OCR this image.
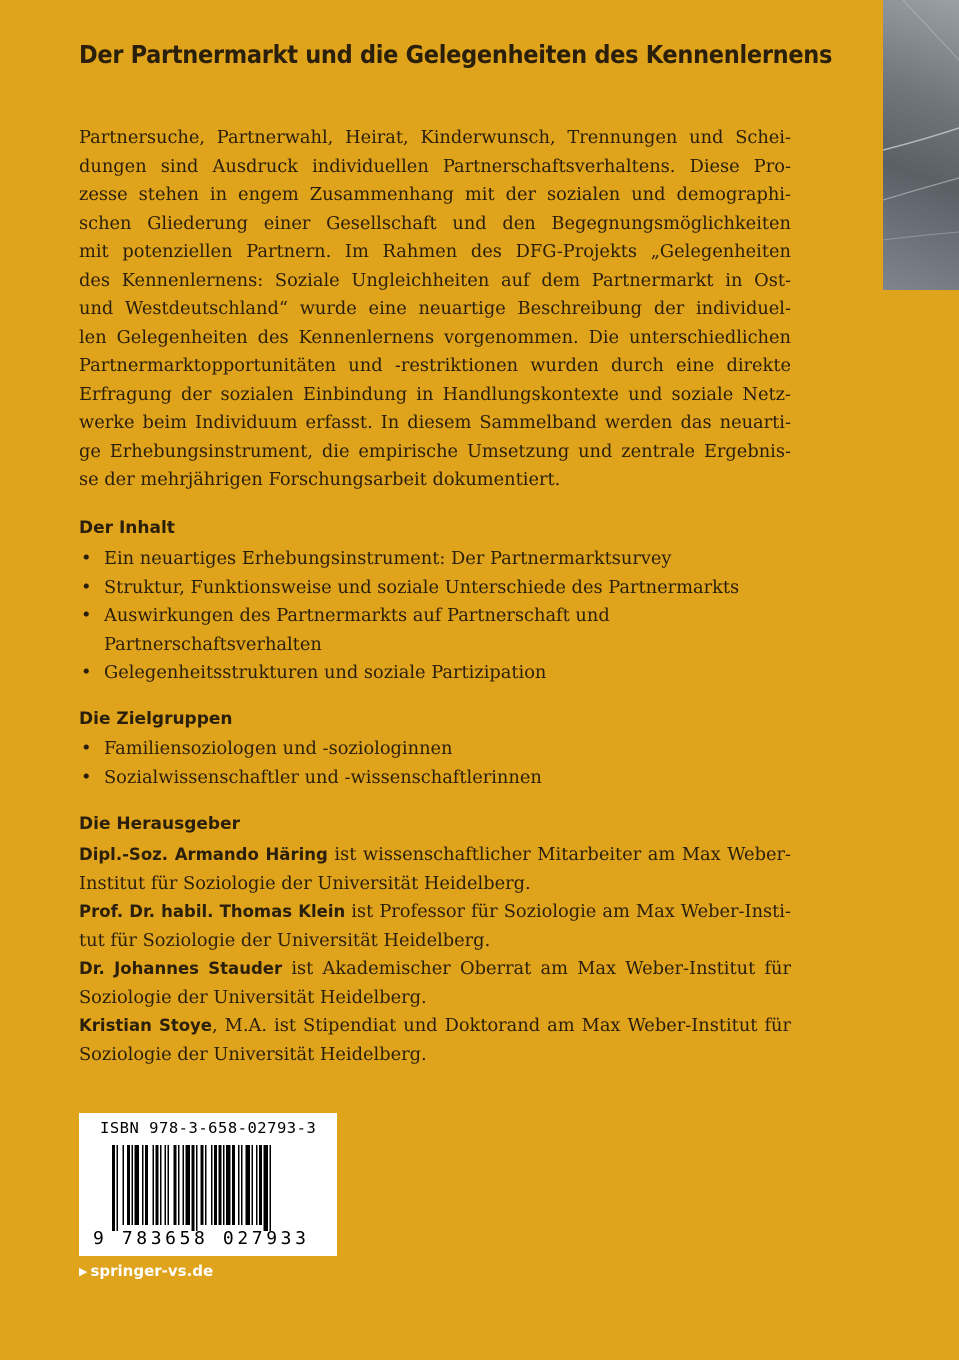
Der Partnermarkt und die Gelegenheiten des Kennenlernens
Partnersuche, Partnerwahl, Heirat, Kinderwunsch, Trennungen und Schei-
dungen sind Ausdruck individuellen Partnerschaftsverhaltens. Diese Pro-
zesse stehen in engem Zusammenhang mit der sozialen und demographi-
schen Gliederung einer Gesellschaft und den Begegnungsmöglichkeiten
mit potenziellen Partnern. Im Rahmen des DFG-Projekts „Gelegenheiten
des Kennenlernens: Soziale Ungleichheiten auf dem Partnermarkt in Ost-
und Westdeutschland“ wurde eine neuartige Beschreibung der individuel-
len Gelegenheiten des Kennenlernens vorgenommen. Die unterschiedlichen
Partnermarktopportunitäten und -restriktionen wurden durch eine direkte
Erfragung der sozialen Einbindung in Handlungskontexte und soziale Netz-
werke beim Individuum erfasst. In diesem Sammelband werden das neuarti-
ge Erhebungsinstrument, die empirische Umsetzung und zentrale Ergebnis-
se der mehrjährigen Forschungsarbeit dokumentiert.
Der Inhalt
• Ein neuartiges Erhebungsinstrument: Der Partnermarktsurvey
• Struktur, Funktionsweise und soziale Unterschiede des Partnermarkts
• Auswirkungen des Partnermarkts auf Partnerschaft und
Partnerschaftsverhalten
• Gelegenheitsstrukturen und soziale Partizipation
Die Zielgruppen
• Familiensoziologen und -soziologinnen
• Sozialwissenschaftler und -wissenschaftlerinnen
Die Herausgeber
Dipl.-Soz. Armando Häring ist wissenschaftlicher Mitarbeiter am Max Weber-
Institut für Soziologie der Universität Heidelberg.
Prof. Dr. habil. Thomas Klein ist Professor für Soziologie am Max Weber-Insti-
tut für Soziologie der Universität Heidelberg.
Dr. Johannes Stauder ist Akademischer Oberrat am Max Weber-Institut für
Soziologie der Universität Heidelberg.
Kristian Stoye, M.A. ist Stipendiat und Doktorand am Max Weber-Institut für
Soziologie der Universität Heidelberg.
ISBN 978-3-658-02793-3
9 783658 027933

▶ springer-vs.de
